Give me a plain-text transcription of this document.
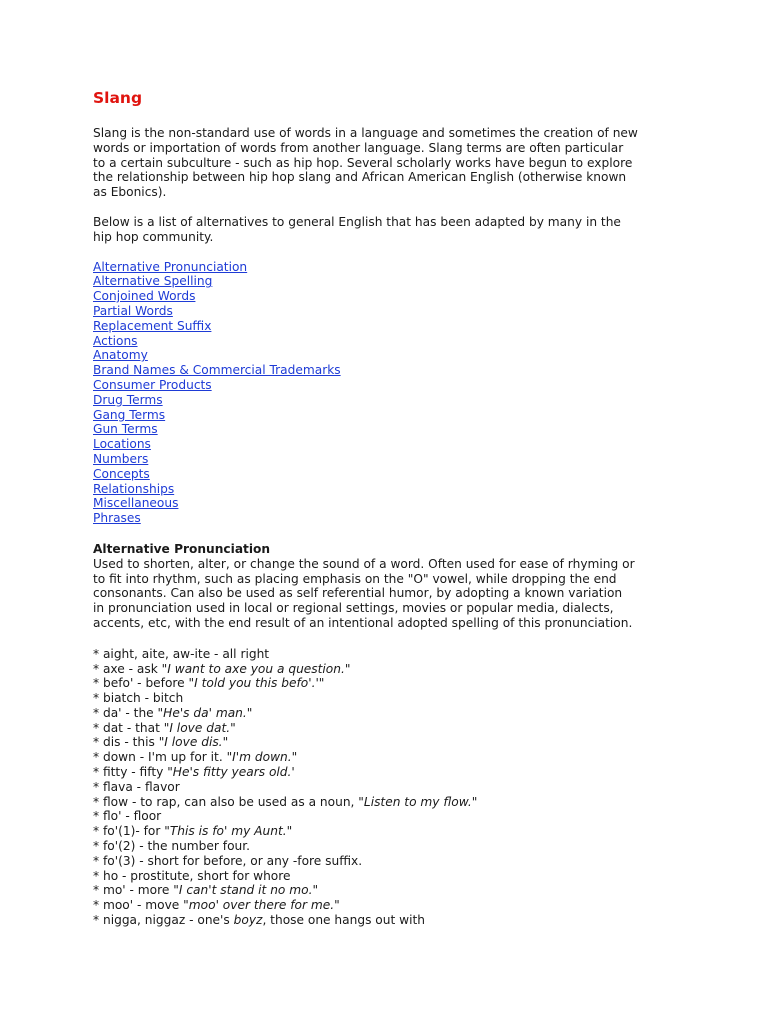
Slang
Slang is the non-standard use of words in a language and sometimes the creation of new
words or importation of words from another language. Slang terms are often particular
to a certain subculture - such as hip hop. Several scholarly works have begun to explore
the relationship between hip hop slang and African American English (otherwise known
as Ebonics).
Below is a list of alternatives to general English that has been adapted by many in the
hip hop community.
Alternative Pronunciation
Alternative Spelling
Conjoined Words
Partial Words
Replacement Suffix
Actions
Anatomy
Brand Names & Commercial Trademarks
Consumer Products
Drug Terms
Gang Terms
Gun Terms
Locations
Numbers
Concepts
Relationships
Miscellaneous
Phrases
Alternative Pronunciation
Used to shorten, alter, or change the sound of a word. Often used for ease of rhyming or
to fit into rhythm, such as placing emphasis on the "O" vowel, while dropping the end
consonants. Can also be used as self referential humor, by adopting a known variation
in pronunciation used in local or regional settings, movies or popular media, dialects,
accents, etc, with the end result of an intentional adopted spelling of this pronunciation.
* aight, aite, aw-ite - all right
* axe - ask "I want to axe you a question."
* befo' - before "I told you this befo'.'"
* biatch - bitch
* da' - the "He's da' man."
* dat - that "I love dat."
* dis - this "I love dis."
* down - I'm up for it. "I'm down."
* fitty - fifty "He's fitty years old.'
* flava - flavor
* flow - to rap, can also be used as a noun, "Listen to my flow."
* flo' - floor
* fo'(1)- for "This is fo' my Aunt."
* fo'(2) - the number four.
* fo'(3) - short for before, or any -fore suffix.
* ho - prostitute, short for whore
* mo' - more "I can't stand it no mo."
* moo' - move "moo' over there for me."
* nigga, niggaz - one's boyz, those one hangs out with
